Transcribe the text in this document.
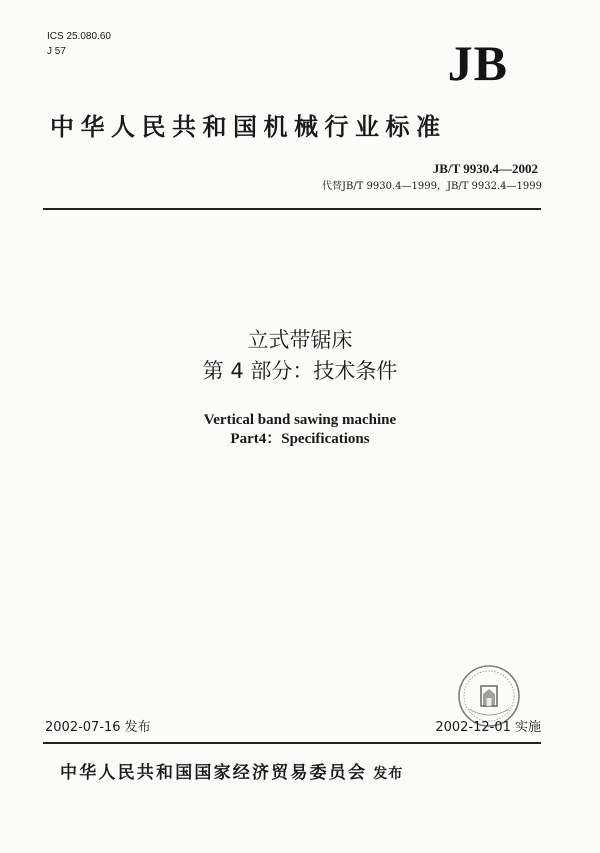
ICS 25.080.60
J 57	JB
中华人民共和国机械行业标准
JB/T 9930.4—2002
代替JB/T 9930.4—1999，JB/T 9932.4—1999
立式带锯床
第 4 部分：技术条件
Vertical band sawing machine
Part4：Specifications
2002-07-16 发布	2002-12-01 实施
中华人民共和国国家经济贸易委员会 发布
